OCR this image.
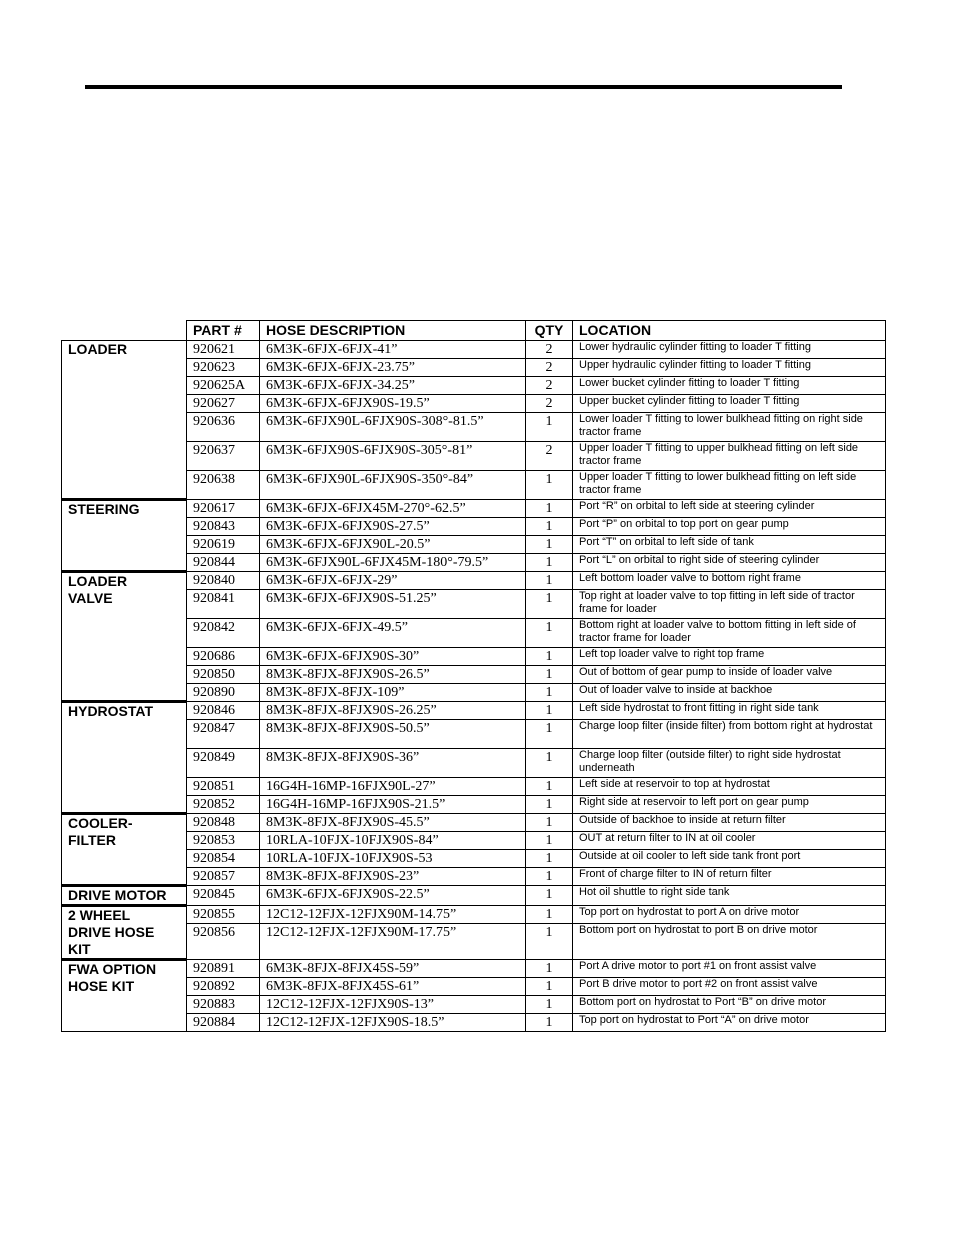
	PART #	HOSE DESCRIPTION	QTY	LOCATION
LOADER	920621	6M3K-6FJX-6FJX-41”	2	Lower hydraulic cylinder fitting to loader T fitting
	920623	6M3K-6FJX-6FJX-23.75”	2	Upper hydraulic cylinder fitting to loader T fitting
	920625A	6M3K-6FJX-6FJX-34.25”	2	Lower bucket cylinder fitting to loader T fitting
	920627	6M3K-6FJX-6FJX90S-19.5”	2	Upper bucket cylinder fitting to loader T fitting
	920636	6M3K-6FJX90L-6FJX90S-308°-81.5”	1	Lower loader T fitting to lower bulkhead fitting on right side tractor frame
	920637	6M3K-6FJX90S-6FJX90S-305°-81”	2	Upper loader T fitting to upper bulkhead fitting on left side tractor frame
	920638	6M3K-6FJX90L-6FJX90S-350°-84”	1	Upper loader T fitting to lower bulkhead fitting on left side tractor frame
STEERING	920617	6M3K-6FJX-6FJX45M-270°-62.5”	1	Port “R” on orbital to left side at steering cylinder
	920843	6M3K-6FJX-6FJX90S-27.5”	1	Port “P” on orbital to top port on gear pump
	920619	6M3K-6FJX-6FJX90L-20.5”	1	Port “T” on orbital to left side of tank
	920844	6M3K-6FJX90L-6FJX45M-180°-79.5”	1	Port “L” on orbital to right side of steering cylinder
LOADER
VALVE	920840	6M3K-6FJX-6FJX-29”	1	Left bottom loader valve to bottom right frame
	920841	6M3K-6FJX-6FJX90S-51.25”	1	Top right at loader valve to top fitting in left side of tractor frame for loader
	920842	6M3K-6FJX-6FJX-49.5”	1	Bottom right at loader valve to bottom fitting in left side of tractor frame for loader
	920686	6M3K-6FJX-6FJX90S-30”	1	Left top loader valve to right top frame
	920850	8M3K-8FJX-8FJX90S-26.5”	1	Out of bottom of gear pump to inside of loader valve
	920890	8M3K-8FJX-8FJX-109”	1	Out of loader valve to inside at backhoe
HYDROSTAT	920846	8M3K-8FJX-8FJX90S-26.25”	1	Left side hydrostat to front fitting in right side tank
	920847	8M3K-8FJX-8FJX90S-50.5”	1	Charge loop filter (inside filter) from bottom right at hydrostat
	920849	8M3K-8FJX-8FJX90S-36”	1	Charge loop filter (outside filter) to right side hydrostat underneath
	920851	16G4H-16MP-16FJX90L-27”	1	Left side at reservoir to top at hydrostat
	920852	16G4H-16MP-16FJX90S-21.5”	1	Right side at reservoir to left port on gear pump
COOLER-
FILTER	920848	8M3K-8FJX-8FJX90S-45.5”	1	Outside of backhoe to inside at return filter
	920853	10RLA-10FJX-10FJX90S-84”	1	OUT at return filter to IN at oil cooler
	920854	10RLA-10FJX-10FJX90S-53	1	Outside at oil cooler to left side tank front port
	920857	8M3K-8FJX-8FJX90S-23”	1	Front of charge filter to IN of return filter
DRIVE MOTOR	920845	6M3K-6FJX-6FJX90S-22.5”	1	Hot oil shuttle to right side tank
2 WHEEL
DRIVE HOSE
KIT	920855	12C12-12FJX-12FJX90M-14.75”	1	Top port on hydrostat to port A on drive motor
	920856	12C12-12FJX-12FJX90M-17.75”	1	Bottom port on hydrostat to port B on drive motor
FWA OPTION
HOSE KIT	920891	6M3K-8FJX-8FJX45S-59”	1	Port A drive motor to port #1 on front assist valve
	920892	6M3K-8FJX-8FJX45S-61”	1	Port B drive motor to port #2 on front assist valve
	920883	12C12-12FJX-12FJX90S-13”	1	Bottom port on hydrostat to Port “B” on drive motor
	920884	12C12-12FJX-12FJX90S-18.5”	1	Top port on hydrostat to Port “A” on drive motor
